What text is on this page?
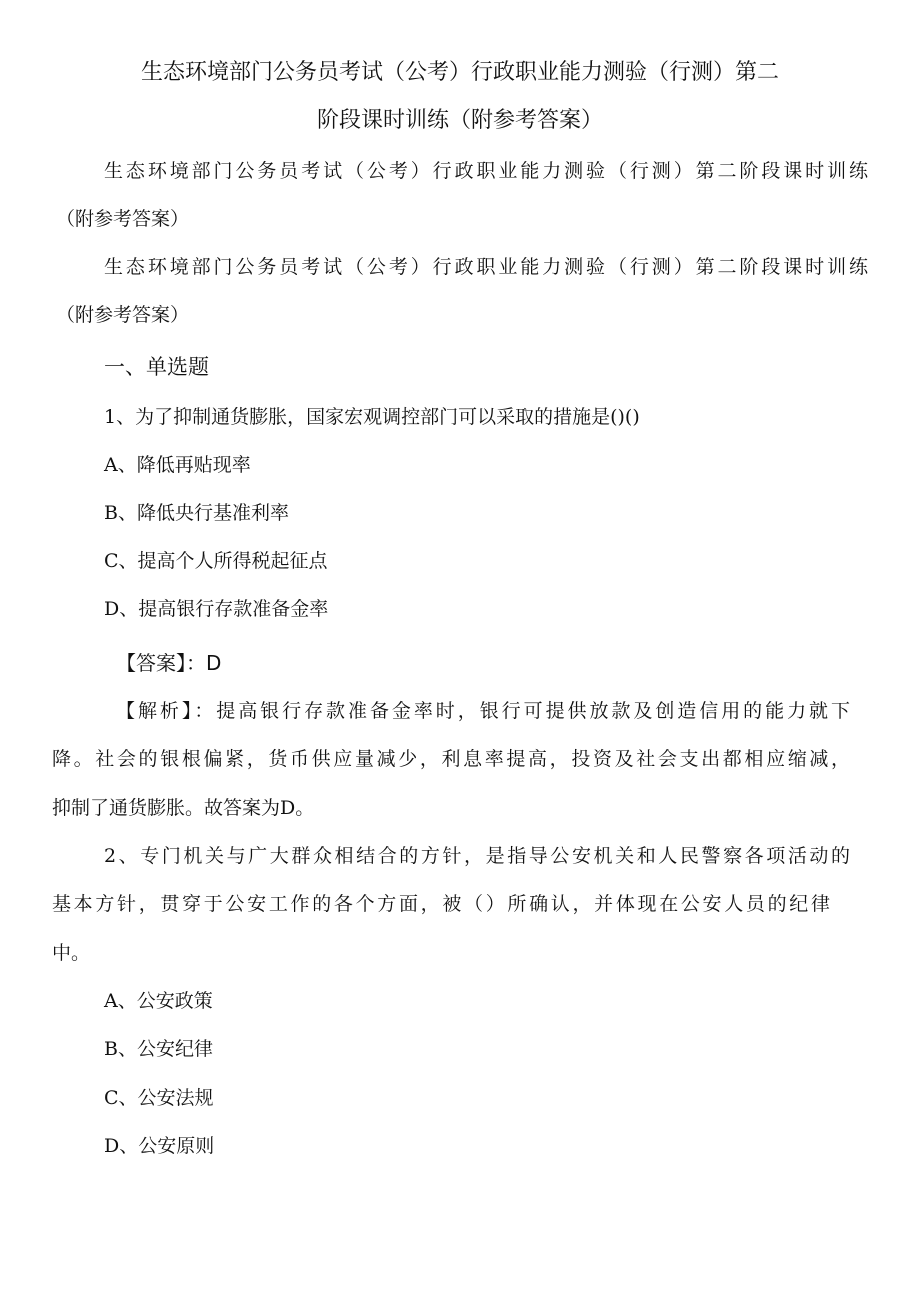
生态环境部门公务员考试（公考）行政职业能力测验（行测）第二
阶段课时训练（附参考答案）
生态环境部门公务员考试（公考）行政职业能力测验（行测）第二阶段课时训练
（附参考答案）
生态环境部门公务员考试（公考）行政职业能力测验（行测）第二阶段课时训练
（附参考答案）
一、单选题
1、为了抑制通货膨胀，国家宏观调控部门可以采取的措施是()()
A、降低再贴现率
B、降低央行基准利率
C、提高个人所得税起征点
D、提高银行存款准备金率
【答案】：D
【解析】：提高银行存款准备金率时，银行可提供放款及创造信用的能力就下
降。社会的银根偏紧，货币供应量减少，利息率提高，投资及社会支出都相应缩减，
抑制了通货膨胀。故答案为D。
2、专门机关与广大群众相结合的方针，是指导公安机关和人民警察各项活动的
基本方针，贯穿于公安工作的各个方面，被（）所确认，并体现在公安人员的纪律
中。
A、公安政策
B、公安纪律
C、公安法规
D、公安原则
